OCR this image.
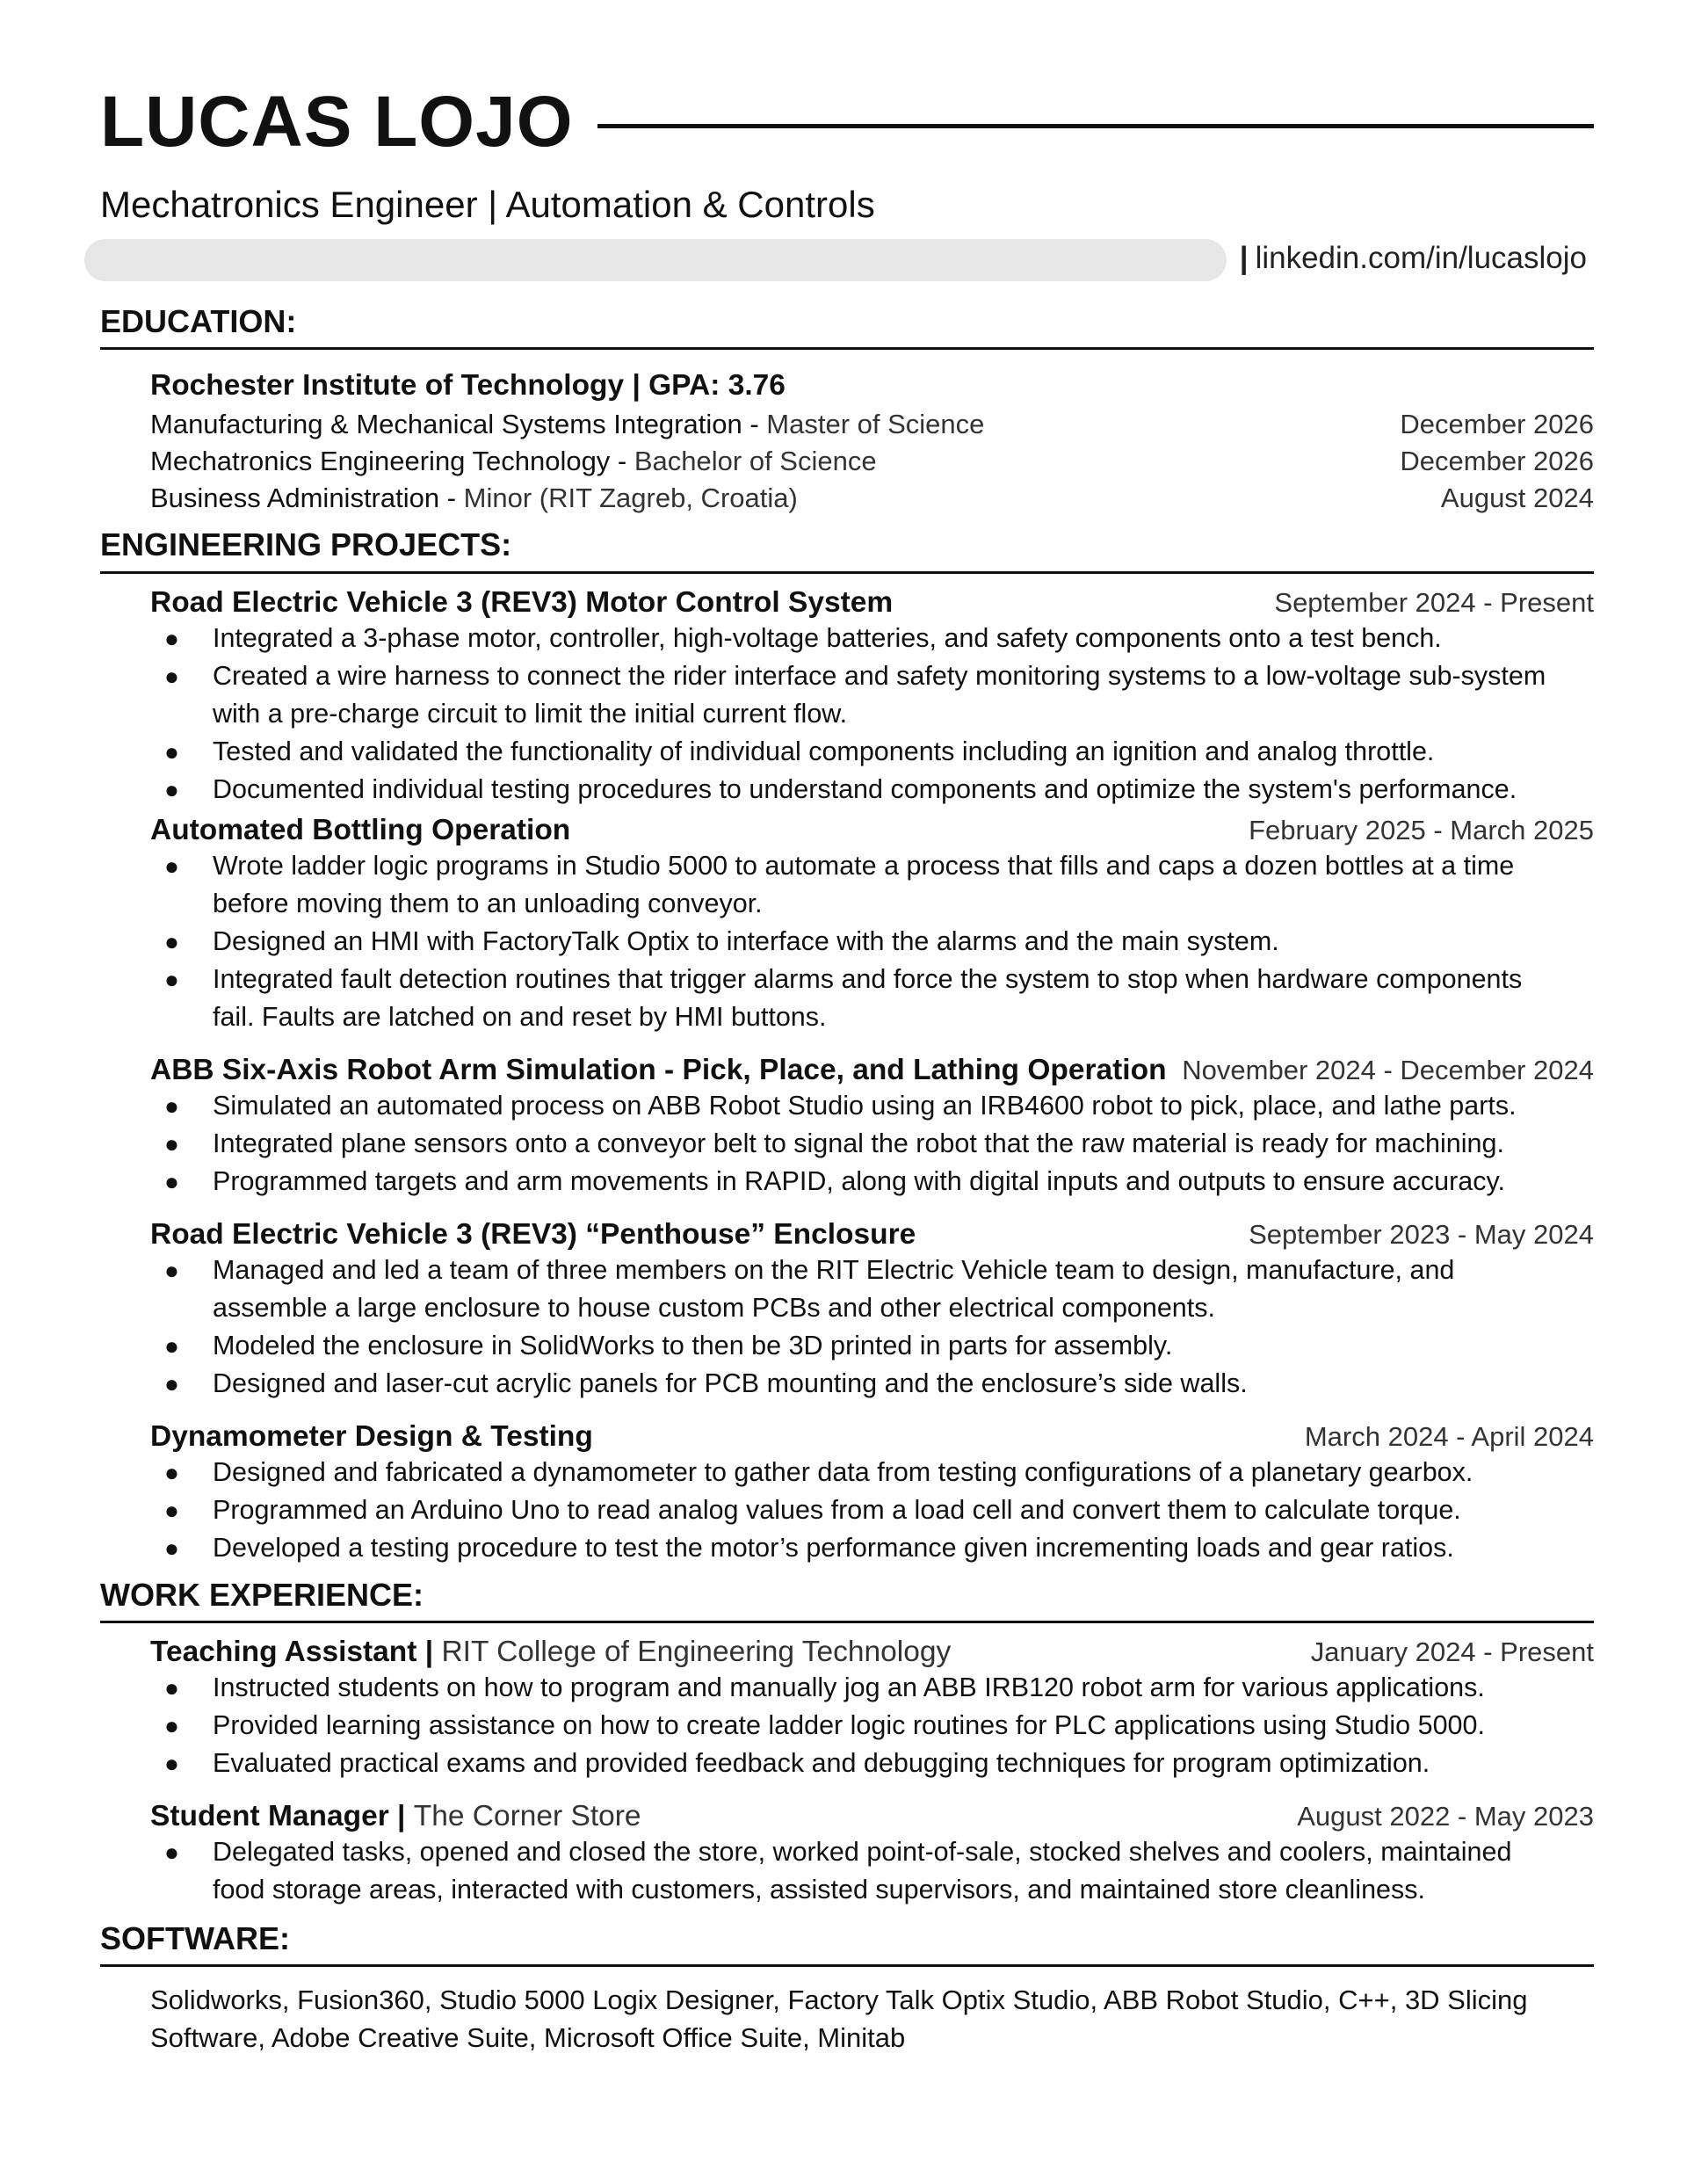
LUCAS LOJO
Mechatronics Engineer | Automation & Controls
| linkedin.com/in/lucaslojo
EDUCATION:
Rochester Institute of Technology | GPA: 3.76
Manufacturing & Mechanical Systems Integration - Master of Science	December 2026
Mechatronics Engineering Technology - Bachelor of Science	December 2026
Business Administration - Minor (RIT Zagreb, Croatia)	August 2024
ENGINEERING PROJECTS:
Road Electric Vehicle 3 (REV3) Motor Control System	September 2024 - Present
● Integrated a 3-phase motor, controller, high-voltage batteries, and safety components onto a test bench.
● Created a wire harness to connect the rider interface and safety monitoring systems to a low-voltage sub-system
with a pre-charge circuit to limit the initial current flow.
● Tested and validated the functionality of individual components including an ignition and analog throttle.
● Documented individual testing procedures to understand components and optimize the system's performance.
Automated Bottling Operation	February 2025 - March 2025
● Wrote ladder logic programs in Studio 5000 to automate a process that fills and caps a dozen bottles at a time
before moving them to an unloading conveyor.
● Designed an HMI with FactoryTalk Optix to interface with the alarms and the main system.
● Integrated fault detection routines that trigger alarms and force the system to stop when hardware components
fail. Faults are latched on and reset by HMI buttons.
ABB Six-Axis Robot Arm Simulation - Pick, Place, and Lathing Operation November 2024 - December 2024
● Simulated an automated process on ABB Robot Studio using an IRB4600 robot to pick, place, and lathe parts.
● Integrated plane sensors onto a conveyor belt to signal the robot that the raw material is ready for machining.
● Programmed targets and arm movements in RAPID, along with digital inputs and outputs to ensure accuracy.
Road Electric Vehicle 3 (REV3) “Penthouse” Enclosure	September 2023 - May 2024
● Managed and led a team of three members on the RIT Electric Vehicle team to design, manufacture, and
assemble a large enclosure to house custom PCBs and other electrical components.
● Modeled the enclosure in SolidWorks to then be 3D printed in parts for assembly.
● Designed and laser-cut acrylic panels for PCB mounting and the enclosure’s side walls.
Dynamometer Design & Testing	March 2024 - April 2024
● Designed and fabricated a dynamometer to gather data from testing configurations of a planetary gearbox.
● Programmed an Arduino Uno to read analog values from a load cell and convert them to calculate torque.
● Developed a testing procedure to test the motor’s performance given incrementing loads and gear ratios.
WORK EXPERIENCE:
Teaching Assistant | RIT College of Engineering Technology	January 2024 - Present
● Instructed students on how to program and manually jog an ABB IRB120 robot arm for various applications.
● Provided learning assistance on how to create ladder logic routines for PLC applications using Studio 5000.
● Evaluated practical exams and provided feedback and debugging techniques for program optimization.
Student Manager | The Corner Store	August 2022 - May 2023
● Delegated tasks, opened and closed the store, worked point-of-sale, stocked shelves and coolers, maintained
food storage areas, interacted with customers, assisted supervisors, and maintained store cleanliness.
SOFTWARE:
Solidworks, Fusion360, Studio 5000 Logix Designer, Factory Talk Optix Studio, ABB Robot Studio, C++, 3D Slicing
Software, Adobe Creative Suite, Microsoft Office Suite, Minitab
